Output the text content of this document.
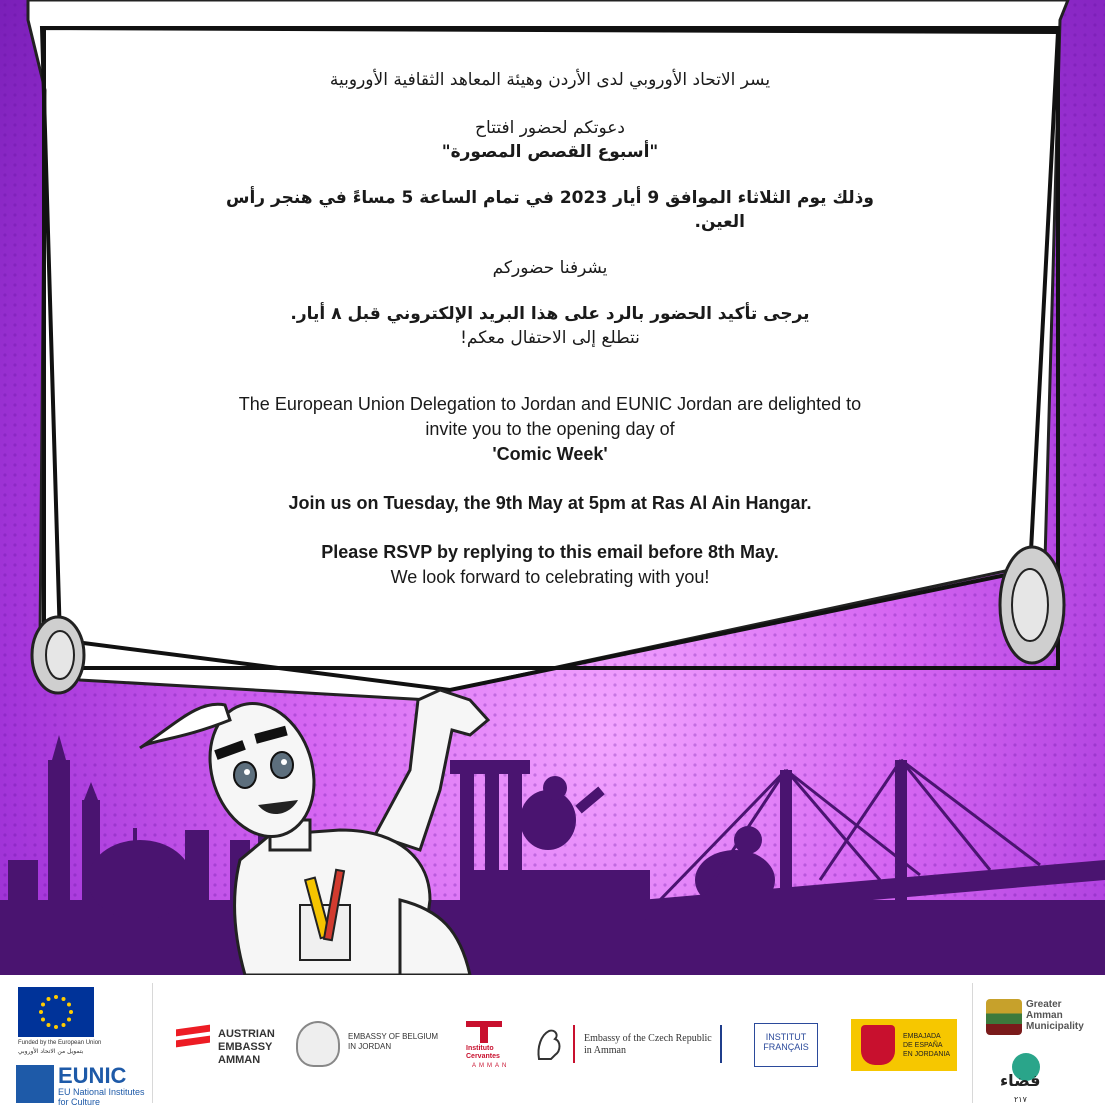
يسر الاتحاد الأوروبي لدى الأردن وهيئة المعاهد الثقافية الأوروبية
دعوتكم لحضور افتتاح
"أسبوع القصص المصورة"
وذلك يوم الثلاثاء الموافق 9 أيار 2023 في تمام الساعة 5 مساءً في هنجر رأس
العين.
يشرفنا حضوركم
يرجى تأكيد الحضور بالرد على هذا البريد الإلكتروني قبل ٨ أيار.
نتطلع إلى الاحتفال معكم!
The European Union Delegation to Jordan and EUNIC Jordan are delighted to
invite you to the opening day of
'Comic Week'
Join us on Tuesday, the 9th May at 5pm at Ras Al Ain Hangar.
Please RSVP by replying to this email before 8th May.
We look forward to celebrating with you!
Funded by the European Union
بتمويل من الاتحاد الأوروبي
EUNIC
EU National Institutes
for Culture
AUSTRIAN
EMBASSY
AMMAN
EMBASSY OF BELGIUM
IN JORDAN	Instituto
Cervantes
AMMAN
Embassy of the Czech Republic
in Amman
INSTITUT
FRANÇAIS
EMBAJADA
DE ESPAÑA
EN JORDANIA
Greater
Amman
Municipality
فضاء
٢١٧
